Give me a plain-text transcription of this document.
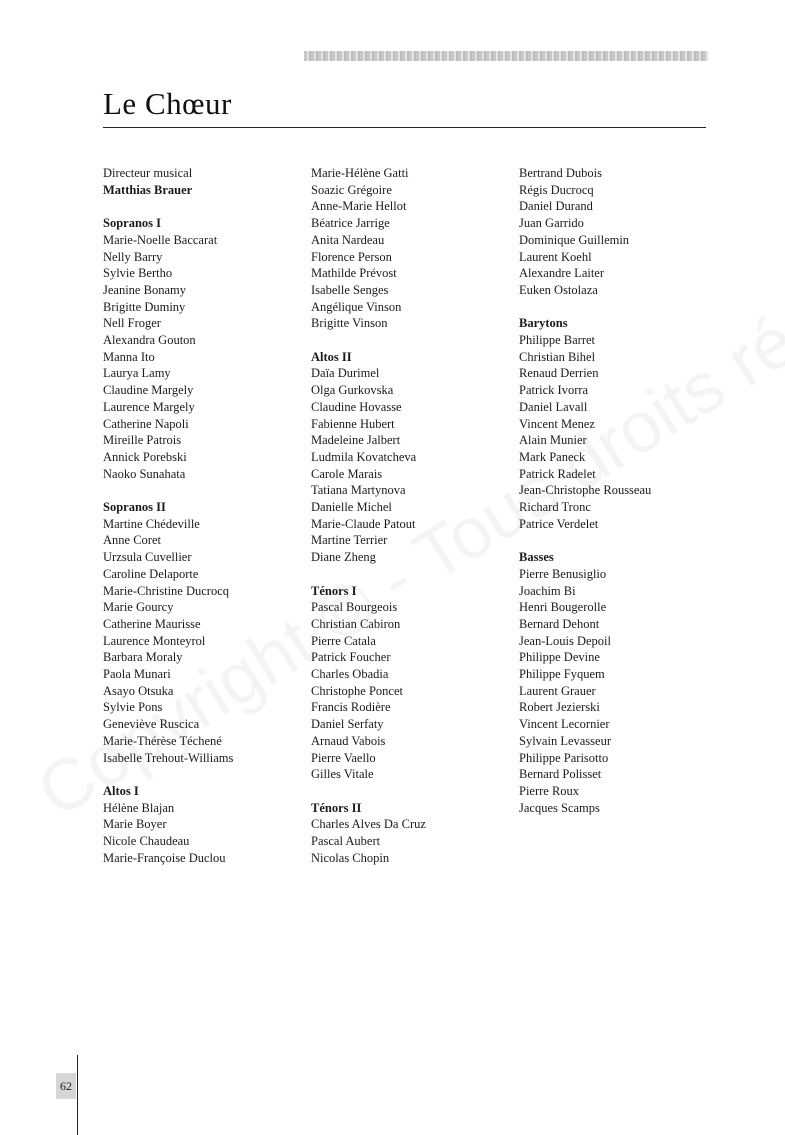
Le Chœur
Directeur musical
Matthias Brauer
Sopranos I
Marie-Noelle Baccarat
Nelly Barry
Sylvie Bertho
Jeanine Bonamy
Brigitte Duminy
Nell Froger
Alexandra Gouton
Manna Ito
Laurya Lamy
Claudine Margely
Laurence Margely
Catherine Napoli
Mireille Patrois
Annick Porebski
Naoko Sunahata
Sopranos II
Martine Chédeville
Anne Coret
Urzsula Cuvellier
Caroline Delaporte
Marie-Christine Ducrocq
Marie Gourcy
Catherine Maurisse
Laurence Monteyrol
Barbara Moraly
Paola Munari
Asayo Otsuka
Sylvie Pons
Geneviève Ruscica
Marie-Thérèse Téchené
Isabelle Trehout-Williams
Altos I
Hélène Blajan
Marie Boyer
Nicole Chaudeau
Marie-Françoise Duclou
Marie-Hélène Gatti
Soazic Grégoire
Anne-Marie Hellot
Béatrice Jarrige
Anita Nardeau
Florence Person
Mathilde Prévost
Isabelle Senges
Angélique Vinson
Brigitte Vinson
Altos II
Daïa Durimel
Olga Gurkovska
Claudine Hovasse
Fabienne Hubert
Madeleine Jalbert
Ludmila Kovatcheva
Carole Marais
Tatiana Martynova
Danielle Michel
Marie-Claude Patout
Martine Terrier
Diane Zheng
Ténors I
Pascal Bourgeois
Christian Cabiron
Pierre Catala
Patrick Foucher
Charles Obadia
Christophe Poncet
Francis Rodière
Daniel Serfaty
Arnaud Vabois
Pierre Vaello
Gilles Vitale
Ténors II
Charles Alves Da Cruz
Pascal Aubert
Nicolas Chopin
Bertrand Dubois
Régis Ducrocq
Daniel Durand
Juan Garrido
Dominique Guillemin
Laurent Koehl
Alexandre Laiter
Euken Ostolaza
Barytons
Philippe Barret
Christian Bihel
Renaud Derrien
Patrick Ivorra
Daniel Lavall
Vincent Menez
Alain Munier
Mark Paneck
Patrick Radelet
Jean-Christophe Rousseau
Richard Tronc
Patrice Verdelet
Basses
Pierre Benusiglio
Joachim Bi
Henri Bougerolle
Bernard Dehont
Jean-Louis Depoil
Philippe Devine
Philippe Fyquem
Laurent Grauer
Robert Jezierski
Vincent Lecornier
Sylvain Levasseur
Philippe Parisotto
Bernard Polisset
Pierre Roux
Jacques Scamps
62
